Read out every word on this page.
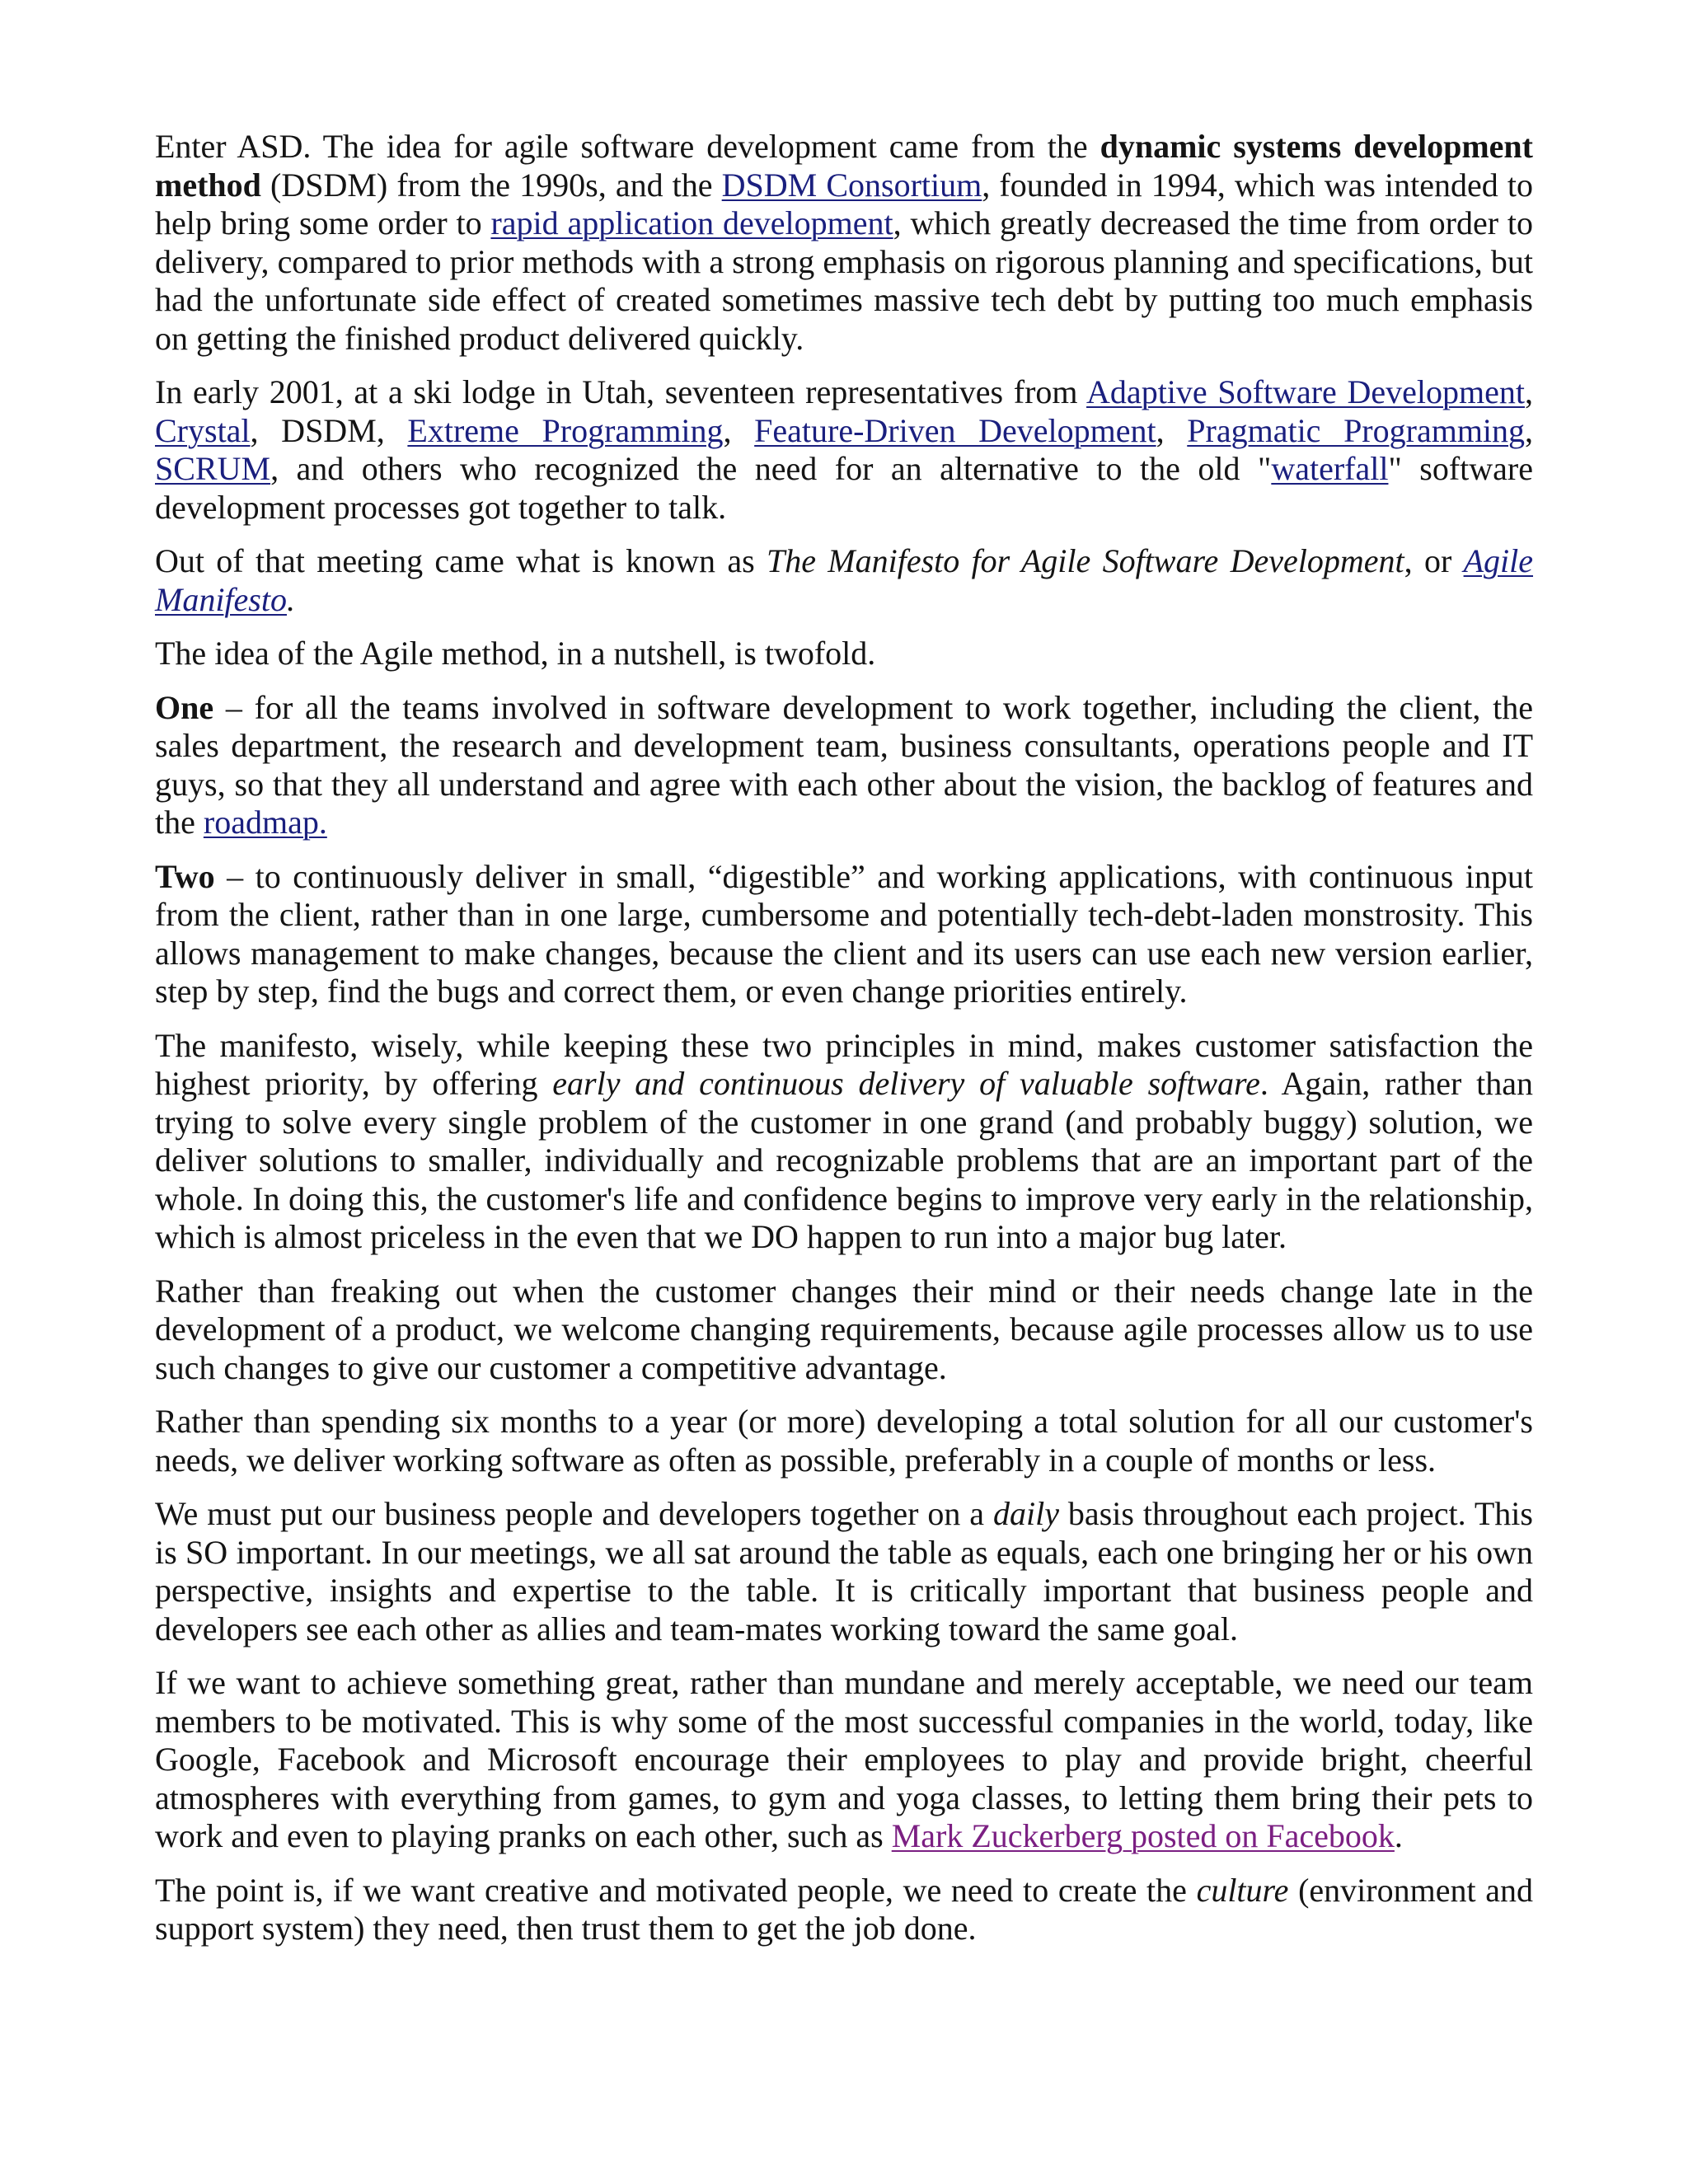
Enter ASD. The idea for agile software development came from the dynamic systems development method (DSDM) from the 1990s, and the DSDM Consortium, founded in 1994, which was intended to help bring some order to rapid application development, which greatly decreased the time from order to delivery, compared to prior methods with a strong emphasis on rigorous planning and specifications, but had the unfortunate side effect of created sometimes massive tech debt by putting too much emphasis on getting the finished product delivered quickly.

In early 2001, at a ski lodge in Utah, seventeen representatives from Adaptive Software Development, Crystal, DSDM, Extreme Programming, Feature-Driven Development, Pragmatic Programming, SCRUM, and others who recognized the need for an alternative to the old "waterfall" software development processes got together to talk.

Out of that meeting came what is known as The Manifesto for Agile Software Development, or Agile Manifesto.

The idea of the Agile method, in a nutshell, is twofold.

One – for all the teams involved in software development to work together, including the client, the sales department, the research and development team, business consultants, operations people and IT guys, so that they all understand and agree with each other about the vision, the backlog of features and the roadmap.

Two – to continuously deliver in small, “digestible” and working applications, with continuous input from the client, rather than in one large, cumbersome and potentially tech-debt-laden monstrosity. This allows management to make changes, because the client and its users can use each new version earlier, step by step, find the bugs and correct them, or even change priorities entirely.

The manifesto, wisely, while keeping these two principles in mind, makes customer satisfaction the highest priority, by offering early and continuous delivery of valuable software. Again, rather than trying to solve every single problem of the customer in one grand (and probably buggy) solution, we deliver solutions to smaller, individually and recognizable problems that are an important part of the whole. In doing this, the customer's life and confidence begins to improve very early in the relationship, which is almost priceless in the even that we DO happen to run into a major bug later.

Rather than freaking out when the customer changes their mind or their needs change late in the development of a product, we welcome changing requirements, because agile processes allow us to use such changes to give our customer a competitive advantage.

Rather than spending six months to a year (or more) developing a total solution for all our customer's needs, we deliver working software as often as possible, preferably in a couple of months or less.

We must put our business people and developers together on a daily basis throughout each project. This is SO important. In our meetings, we all sat around the table as equals, each one bringing her or his own perspective, insights and expertise to the table. It is critically important that business people and developers see each other as allies and team-mates working toward the same goal.

If we want to achieve something great, rather than mundane and merely acceptable, we need our team members to be motivated. This is why some of the most successful companies in the world, today, like Google, Facebook and Microsoft encourage their employees to play and provide bright, cheerful atmospheres with everything from games, to gym and yoga classes, to letting them bring their pets to work and even to playing pranks on each other, such as Mark Zuckerberg posted on Facebook.

The point is, if we want creative and motivated people, we need to create the culture (environment and support system) they need, then trust them to get the job done.
